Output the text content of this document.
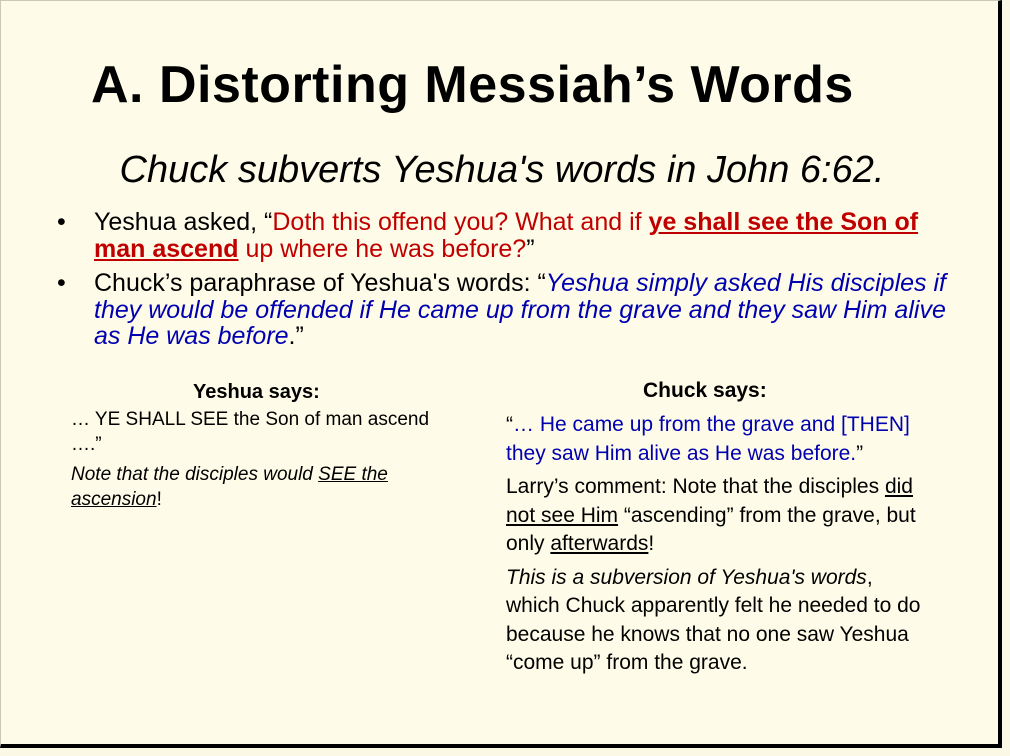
A. Distorting Messiah’s Words
Chuck subverts Yeshua's words in John 6:62.
• Yeshua asked, “Doth this offend you? What and if ye shall see the Son of man ascend up where he was before?”
• Chuck’s paraphrase of Yeshua's words: “Yeshua simply asked His disciples if they would be offended if He came up from the grave and they saw Him alive as He was before.”
Yeshua says:

… YE SHALL SEE the Son of man ascend ….”

Note that the disciples would SEE the ascension!

Chuck says:

“… He came up from the grave and [THEN] they saw Him alive as He was before.”

Larry’s comment: Note that the disciples did not see Him “ascending” from the grave, but only afterwards!

This is a subversion of Yeshua's words, which Chuck apparently felt he needed to do because he knows that no one saw Yeshua “come up” from the grave.
